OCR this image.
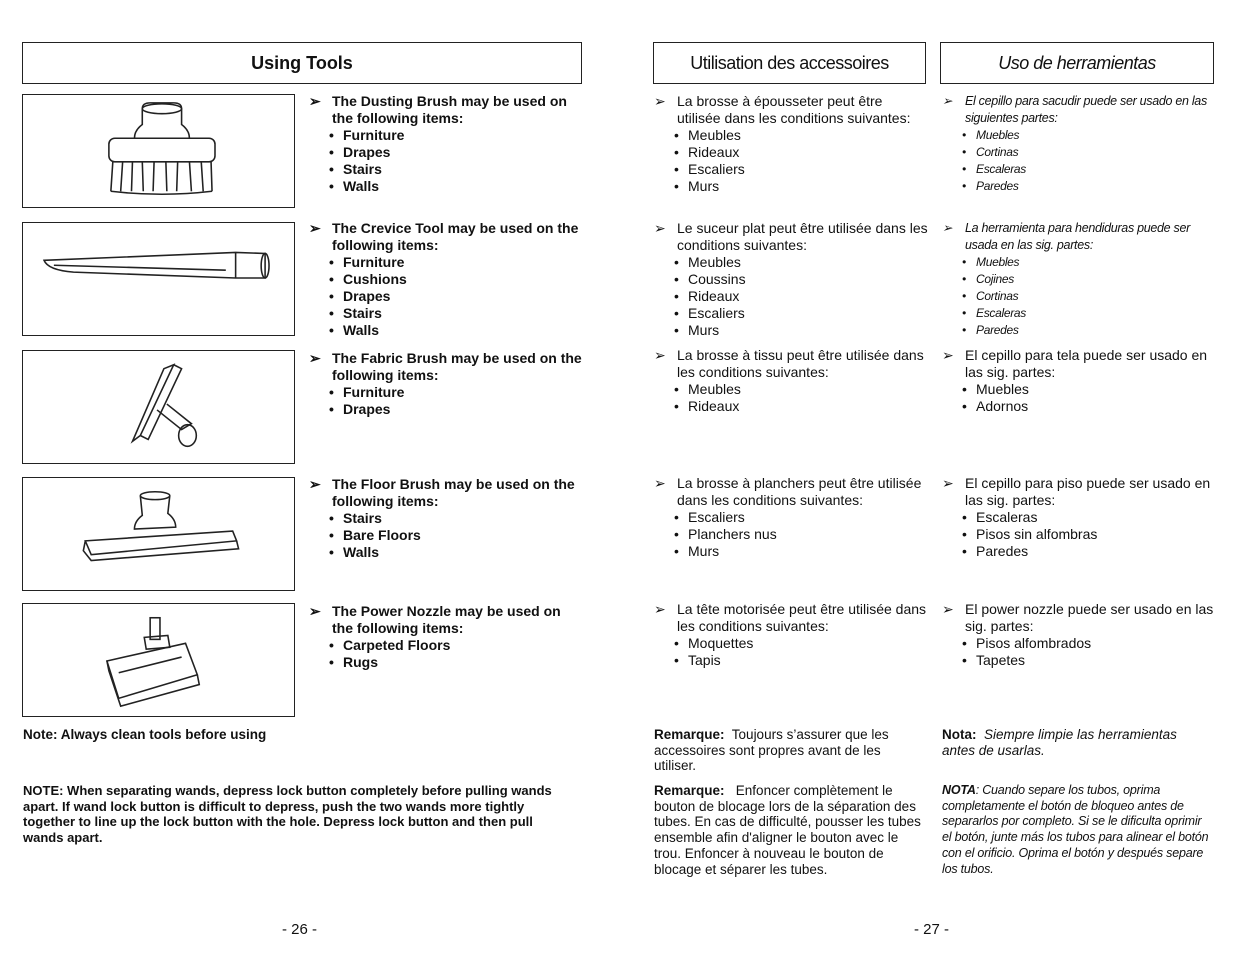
Using Tools	Utilisation des accessoires	Uso de herramientas
➢ The Dusting Brush may be used on the following items:
• Furniture
• Drapes
• Stairs
• Walls
➢ La brosse à épousseter peut être utilisée dans les conditions suivantes:
• Meubles
• Rideaux
• Escaliers
• Murs
➢ El cepillo para sacudir puede ser usado en las siguientes partes:
• Muebles
• Cortinas
• Escaleras
• Paredes
➢ The Crevice Tool may be used on the following items:
• Furniture
• Cushions
• Drapes
• Stairs
• Walls
➢ Le suceur plat peut être utilisée dans les conditions suivantes:
• Meubles
• Coussins
• Rideaux
• Escaliers
• Murs
➢ La herramienta para hendiduras puede ser usada en las sig. partes:
• Muebles
• Cojines
• Cortinas
• Escaleras
• Paredes
➢ The Fabric Brush may be used on the following items:
• Furniture
• Drapes
➢ La brosse à tissu peut être utilisée dans les conditions suivantes:
• Meubles
• Rideaux
➢ El cepillo para tela puede ser usado en las sig. partes:
• Muebles
• Adornos
➢ The Floor Brush may be used on the following items:
• Stairs
• Bare Floors
• Walls
➢ La brosse à planchers peut être utilisée dans les conditions suivantes:
• Escaliers
• Planchers nus
• Murs
➢ El cepillo para piso puede ser usado en las sig. partes:
• Escaleras
• Pisos sin alfombras
• Paredes
➢ The Power Nozzle may be used on the following items:
• Carpeted Floors
• Rugs
➢ La tête motorisée peut être utilisée dans les conditions suivantes:
• Moquettes
• Tapis
➢ El power nozzle puede ser usado en las sig. partes:
• Pisos alfombrados
• Tapetes
Note: Always clean tools before using
NOTE: When separating wands, depress lock button completely before pulling wands apart. If wand lock button is difficult to depress, push the two wands more tightly together to line up the lock button with the hole. Depress lock button and then pull wands apart.
Remarque: Toujours s’assurer que les accessoires sont propres avant de les utiliser.
Remarque: Enfoncer complètement le bouton de blocage lors de la séparation des tubes. En cas de difficulté, pousser les tubes ensemble afin d'aligner le bouton avec le trou. Enfoncer à nouveau le bouton de blocage et séparer les tubes.
Nota: Siempre limpie las herramientas antes de usarlas.
NOTA: Cuando separe los tubos, oprima completamente el botón de bloqueo antes de separarlos por completo. Si se le dificulta oprimir el botón, junte más los tubos para alinear el botón con el orificio. Oprima el botón y después separe los tubos.
- 26 -	- 27 -
